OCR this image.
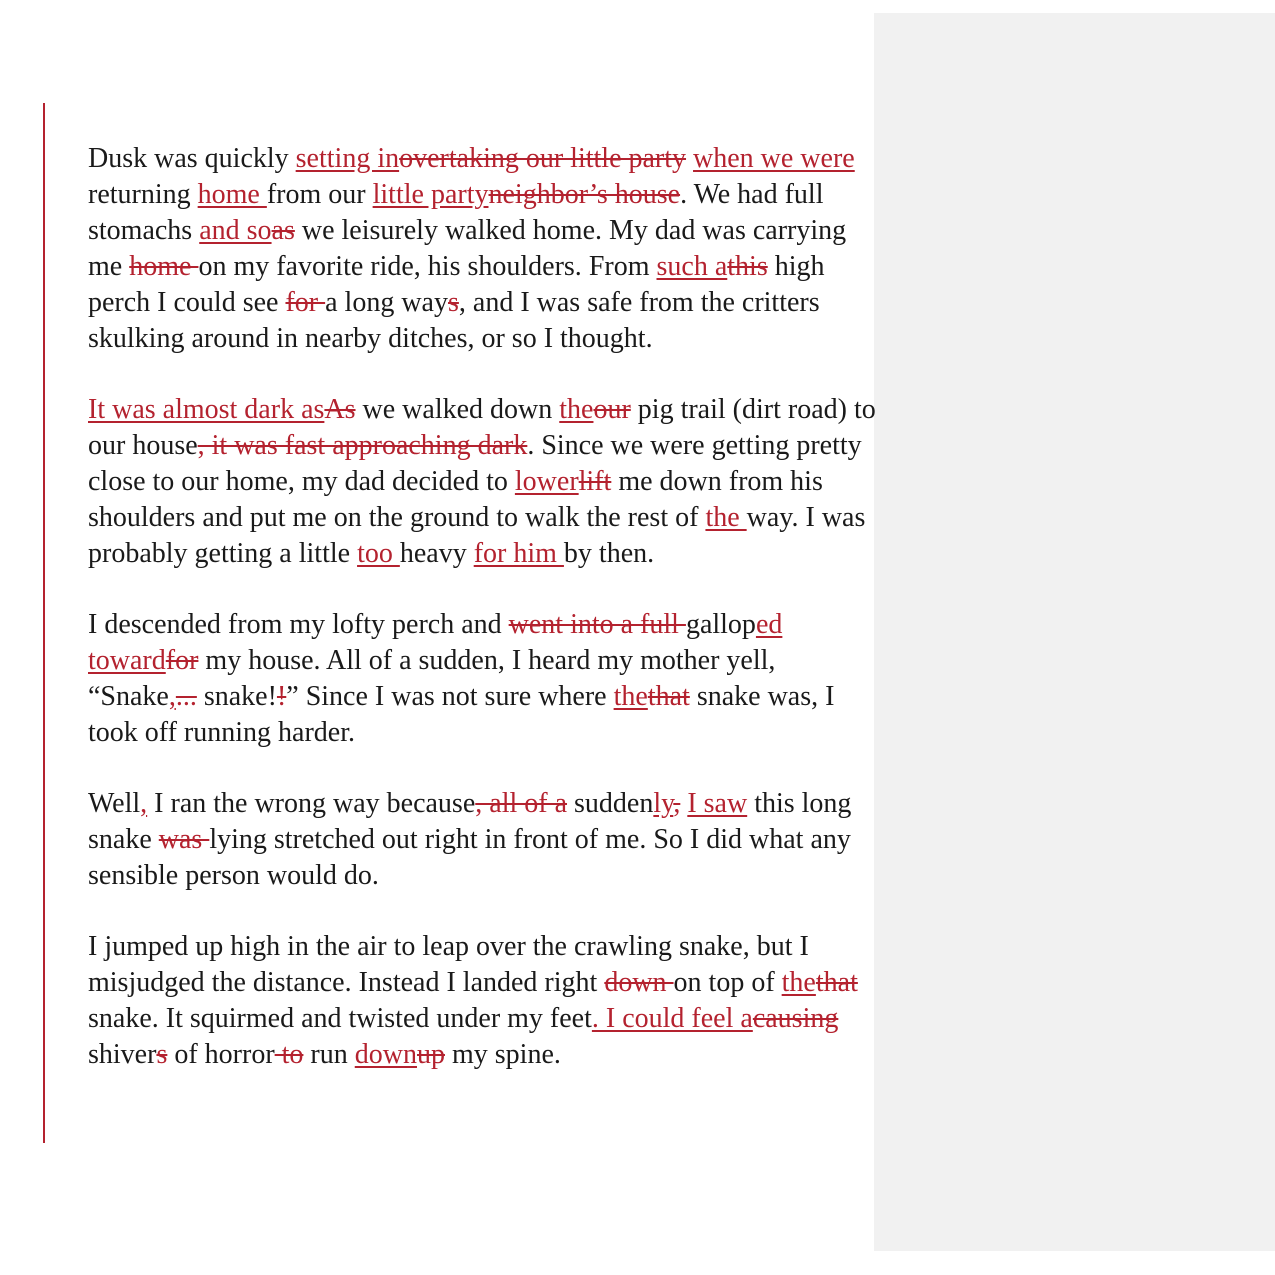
Dusk was quickly setting inovertaking our little party when we were returning home from our little partyneighbor’s house. We had full stomachs and soas we leisurely walked home. My dad was carrying me home on my favorite ride, his shoulders. From such athis high perch I could see for a long ways, and I was safe from the critters skulking around in nearby ditches, or so I thought.

It was almost dark asAs we walked down theour pig trail (dirt road) to our house, it was fast approaching dark. Since we were getting pretty close to our home, my dad decided to lowerlift me down from his shoulders and put me on the ground to walk the rest of the way. I was probably getting a little too heavy for him by then.

I descended from my lofty perch and went into a full galloped towardfor my house. All of a sudden, I heard my mother yell, “Snake,... snake!!” Since I was not sure where thethat snake was, I took off running harder.

Well, I ran the wrong way because, all of a suddenly, I saw this long snake was lying stretched out right in front of me. So I did what any sensible person would do.

I jumped up high in the air to leap over the crawling snake, but I misjudged the distance. Instead I landed right down on top of thethat snake. It squirmed and twisted under my feet. I could feel acausing shivers of horror to run downup my spine.
